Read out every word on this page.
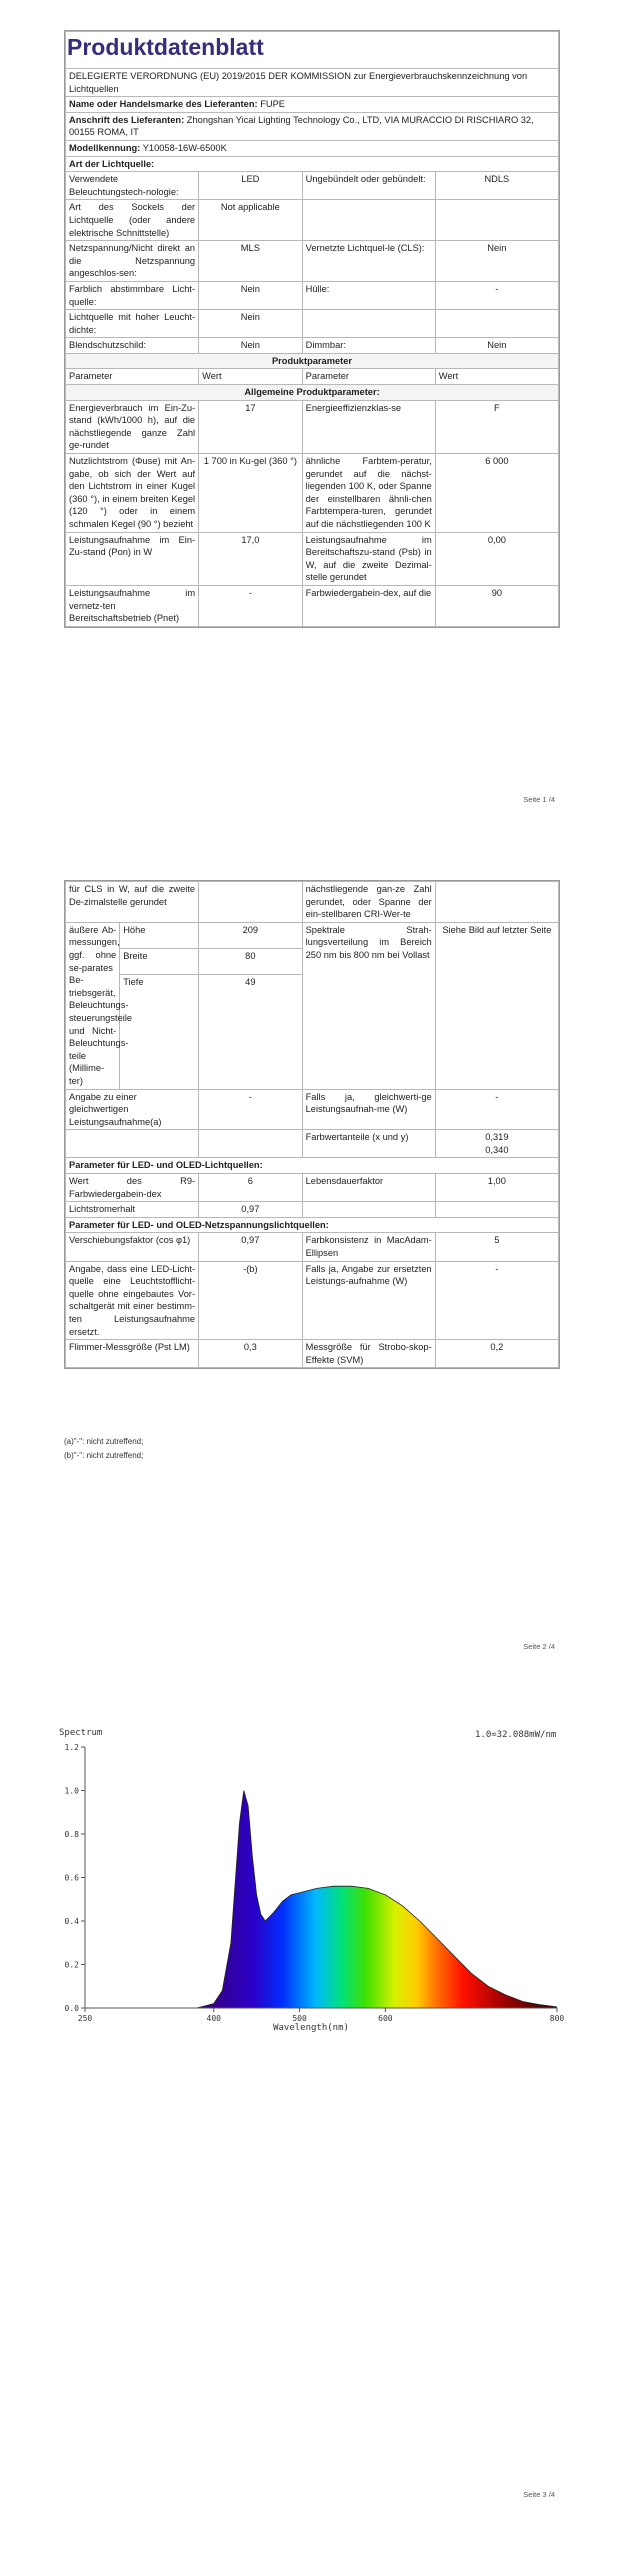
Produktdatenblatt

DELEGIERTE VERORDNUNG (EU) 2019/2015 DER KOMMISSION zur Energieverbrauchskennzeichnung von Lichtquellen			
Name oder Handelsmarke des Lieferanten: FUPE			
Anschrift des Lieferanten: Zhongshan Yicai Lighting Technology Co., LTD, VIA MURACCIO DI RISCHIARO 32, 00155 ROMA, IT			
Modellkennung: Y10058-16W-6500K			
Art der Lichtquelle:			
Verwendete Beleuchtungstech-nologie:	LED	Ungebündelt oder gebündelt:	NDLS
Art des Sockels der Lichtquelle (oder andere elektrische Schnittstelle)	Not applicable		
Netzspannung/Nicht direkt an die Netzspannung angeschlos-sen:	MLS	Vernetzte Lichtquel-le (CLS):	Nein
Farblich abstimmbare Licht-quelle:	Nein	Hülle:	-
Lichtquelle mit hoher Leucht-dichte:	Nein		
Blendschutzschild:	Nein	Dimmbar:	Nein
Produktparameter			
Parameter	Wert	Parameter	Wert
Allgemeine Produktparameter:			
Energieverbrauch im Ein-Zu-stand (kWh/1000 h), auf die nächstliegende ganze Zahl ge-rundet	17	Energieeffizienzklas-se	F
Nutzlichtstrom (Φuse) mit An-gabe, ob sich der Wert auf den Lichtstrom in einer Kugel (360 °), in einem breiten Kegel (120 °) oder in einem schmalen Kegel (90 °) bezieht	1 700 in Ku-gel (360 °)	ähnliche Farbtem-peratur, gerundet auf die nächst-liegenden 100 K, oder Spanne der einstellbaren ähnli-chen Farbtempera-turen, gerundet auf die nächstliegenden 100 K	6 000
Leistungsaufnahme im Ein-Zu-stand (Pon) in W	17,0	Leistungsaufnahme im Bereitschaftszu-stand (Psb) in W, auf die zweite Dezimal-stelle gerundet	0,00
Leistungsaufnahme im vernetz-ten Bereitschaftsbetrieb (Pnet)	-	Farbwiedergabein-dex, auf die	90
Seite 1 /4
für CLS in W, auf die zweite De-zimalstelle gerundet			nächstliegende gan-ze Zahl gerundet, oder Spanne der ein-stellbaren CRI-Wer-te	
äußere Ab-messungen, ggf. ohne se-parates Be-triebsgerät, Beleuchtungs-steuerungsteile und Nicht-Beleuchtungs-teile (Millime-ter)	Höhe	209	Spektrale Strah-lungsverteilung im Bereich 250 nm bis 800 nm bei Vollast	Siehe Bild auf letzter Seite
	Breite	80		
	Tiefe	49		
Angabe zu einer gleichwertigen Leistungsaufnahme(a)		-	Falls ja, gleichwerti-ge Leistungsaufnah-me (W)	-
			Farbwertanteile (x und y)	0,319
0,340
Parameter für LED- und OLED-Lichtquellen:				
Wert des R9-Farbwiedergabein-dex		6	Lebensdauerfaktor	1,00
Lichtstromerhalt		0,97		
Parameter für LED- und OLED-Netzspannungslichtquellen:				
Verschiebungsfaktor (cos φ1)		0,97	Farbkonsistenz in MacAdam-Ellipsen	5
Angabe, dass eine LED-Licht-quelle eine Leuchtstofflicht-quelle ohne eingebautes Vor-schaltgerät mit einer bestimm-ten Leistungsaufnahme ersetzt.		-(b)	Falls ja, Angabe zur ersetzten Leistungs-aufnahme (W)	-
Flimmer-Messgröße (Pst LM)		0,3	Messgröße für Strobo-skop-Effekte (SVM)	0,2
(a)"-": nicht zutreffend;
(b)"-": nicht zutreffend;
Seite 2 /4
Seite 3 /4
Spectrum	1.0=32.088mW/nm
0.0
0.2
0.4
0.6
0.8
1.0
1.2
250	400	500	600	800
Wavelength(nm)
